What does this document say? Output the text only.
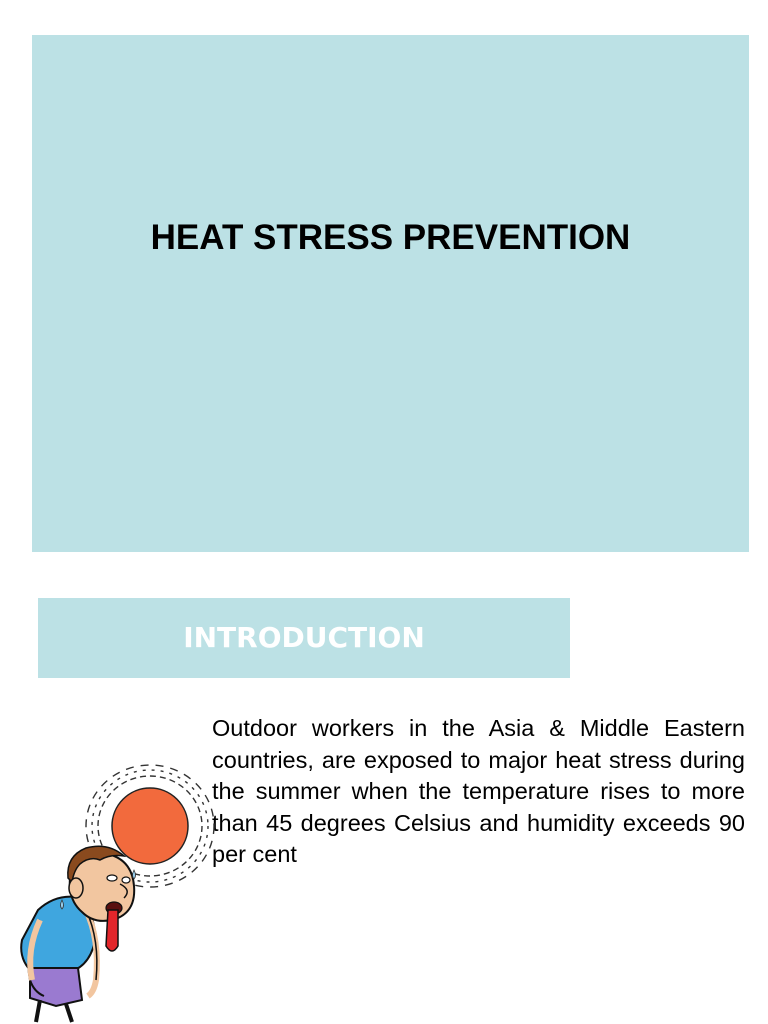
HEAT STRESS PREVENTION
INTRODUCTION

Outdoor workers in the Asia & Middle Eastern countries, are exposed to major heat stress during the summer when the temperature rises to more than 45 degrees Celsius and humidity exceeds 90 per cent
